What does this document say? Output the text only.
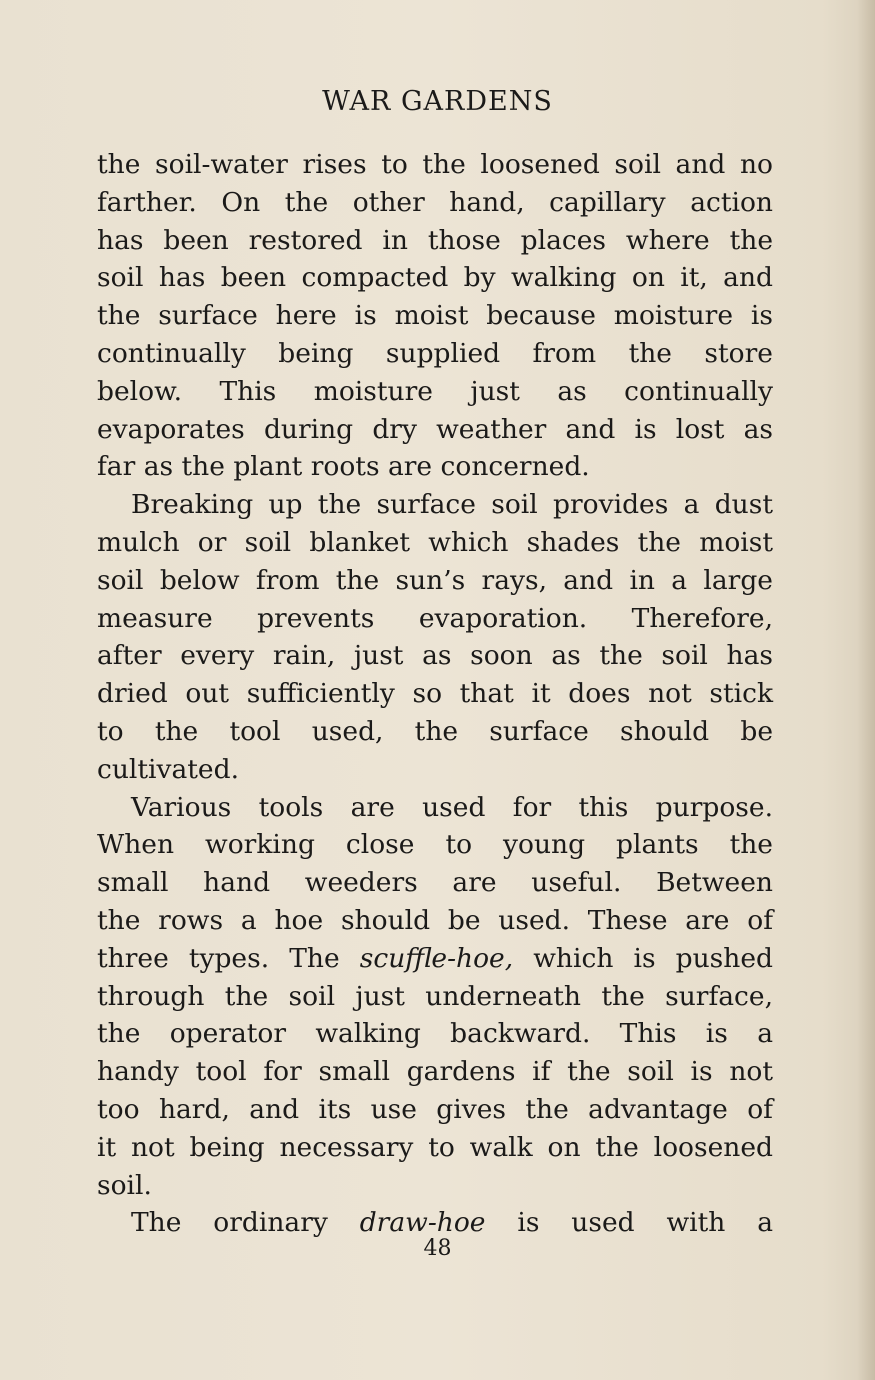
WAR GARDENS
the soil-water rises to the loosened soil and no
farther. On the other hand, capillary action
has been restored in those places where the
soil has been compacted by walking on it, and
the surface here is moist because moisture is
continually being supplied from the store
below. This moisture just as continually
evaporates during dry weather and is lost as
far as the plant roots are concerned.
Breaking up the surface soil provides a dust
mulch or soil blanket which shades the moist
soil below from the sun’s rays, and in a large
measure prevents evaporation. Therefore,
after every rain, just as soon as the soil has
dried out sufficiently so that it does not stick
to the tool used, the surface should be
cultivated.
Various tools are used for this purpose.
When working close to young plants the
small hand weeders are useful. Between
the rows a hoe should be used. These are of
three types. The scuffle-hoe, which is pushed
through the soil just underneath the surface,
the operator walking backward. This is a
handy tool for small gardens if the soil is not
too hard, and its use gives the advantage of
it not being necessary to walk on the loosened
soil.
The ordinary draw-hoe is used with a
48
